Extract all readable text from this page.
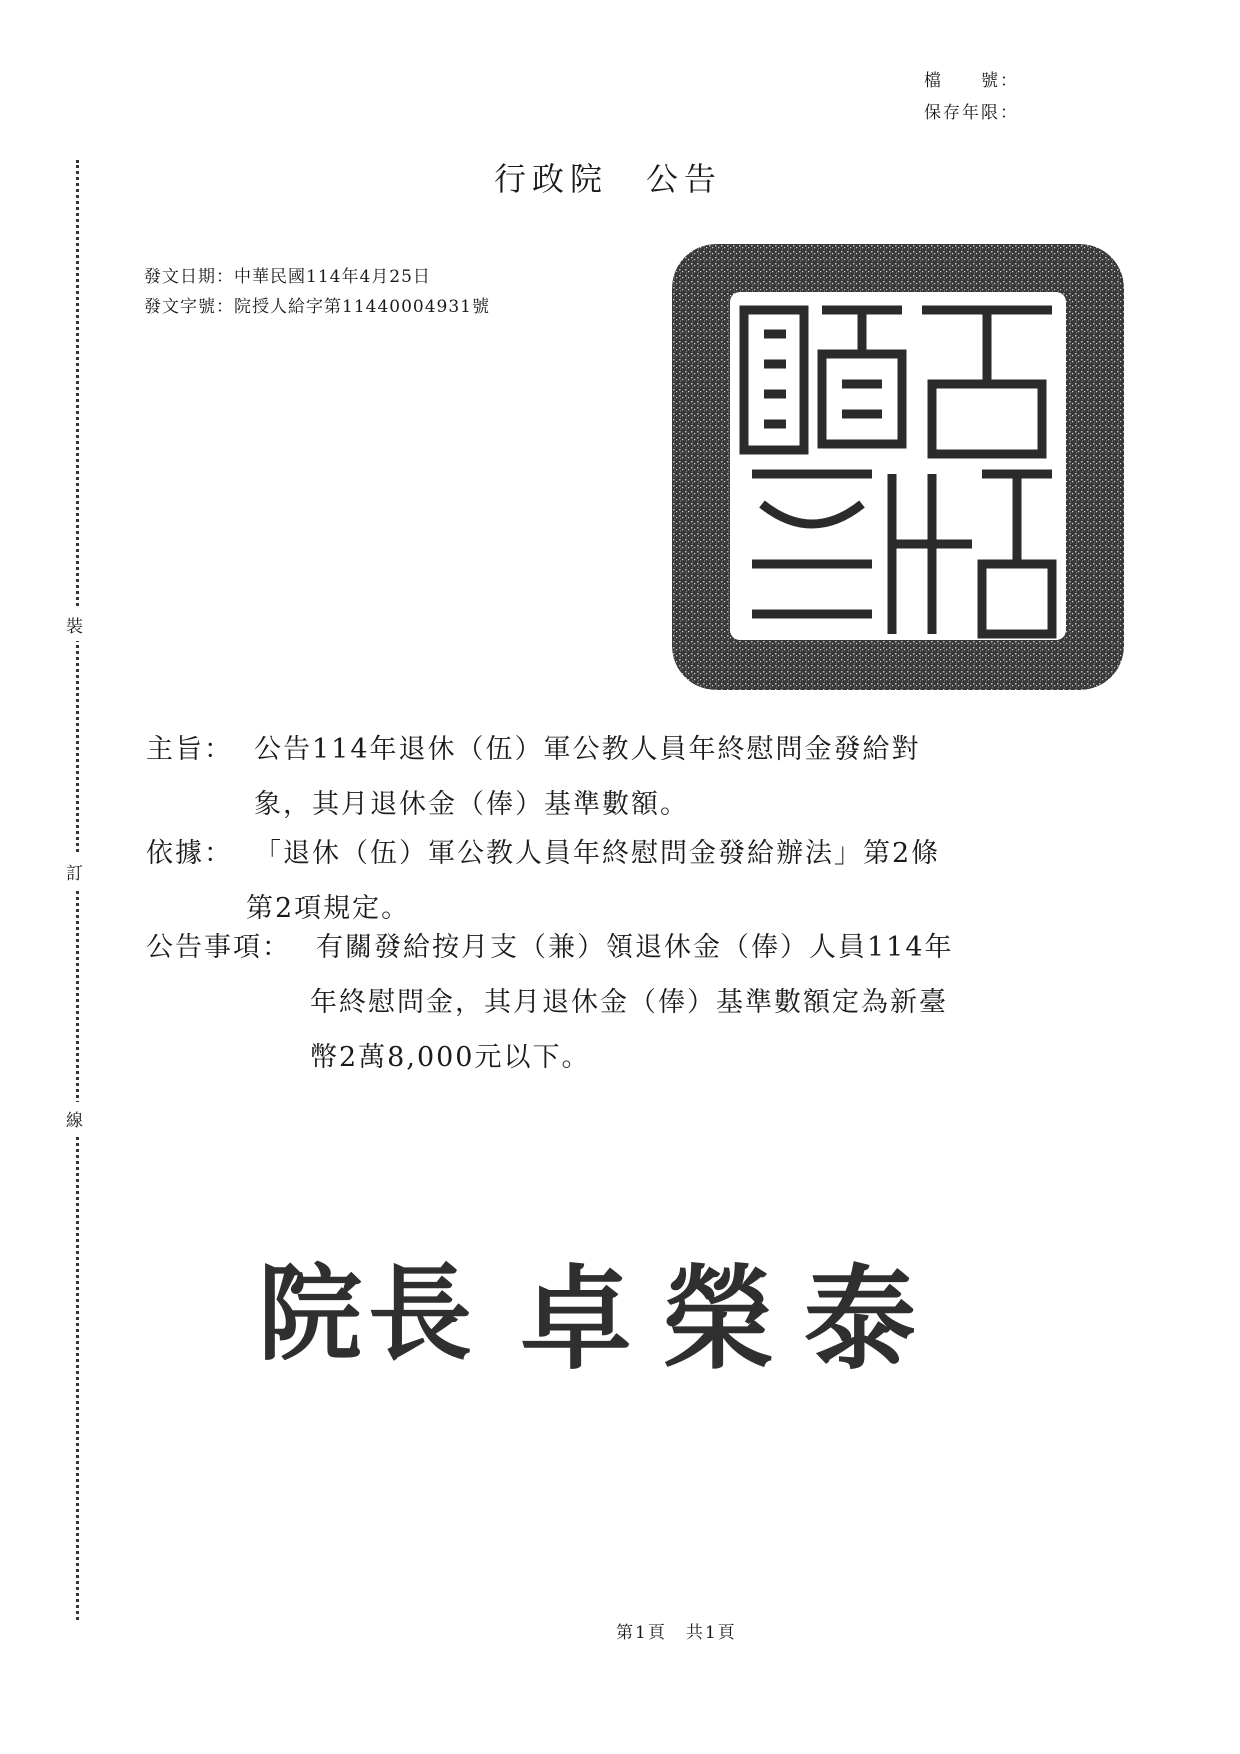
檔　　號：
保存年限：
裝
訂
線
行政院　公告
發文日期：中華民國114年4月25日
發文字號：院授人給字第11440004931號
主旨： 公告114年退休（伍）軍公教人員年終慰問金發給對
象，其月退休金（俸）基準數額。
依據： 「退休（伍）軍公教人員年終慰問金發給辦法」第2條
第2項規定。
公告事項： 有關發給按月支（兼）領退休金（俸）人員114年
年終慰問金，其月退休金（俸）基準數額定為新臺
幣2萬8,000元以下。
院長 卓榮泰
第1頁　共1頁
